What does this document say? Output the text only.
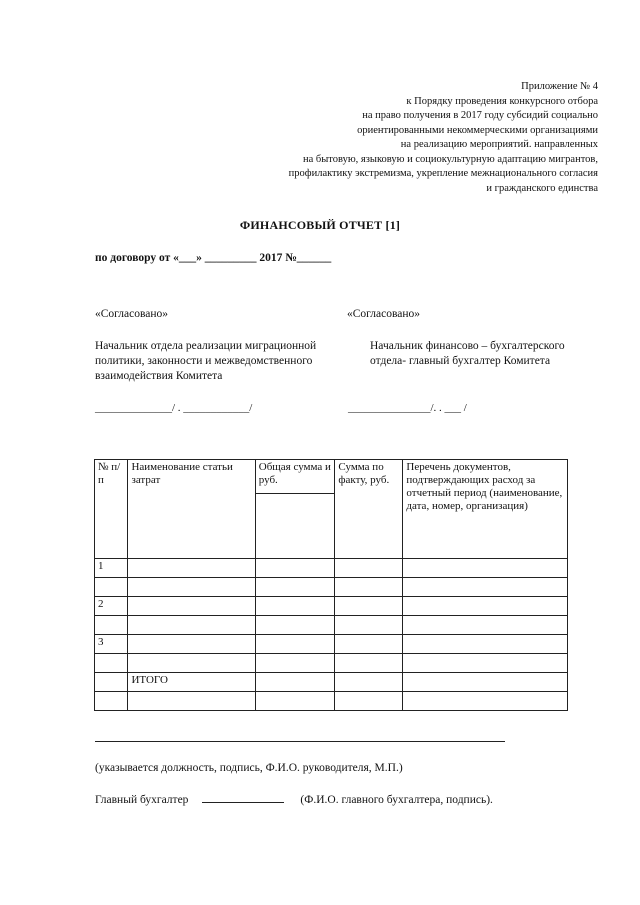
Приложение № 4
к Порядку проведения конкурсного отбора
на право получения в 2017 году субсидий социально
ориентированными некоммерческими организациями
на реализацию мероприятий. направленных
на бытовую, языковую и социокультурную адаптацию мигрантов,
профилактику экстремизма, укрепление межнационального согласия
и гражданского единства
ФИНАНСОВЫЙ ОТЧЕТ [1]
по договору от «___» _________ 2017 №______
«Согласовано»	«Согласовано»
Начальник отдела реализации миграционной политики, законности и межведомственного взаимодействия Комитета
Начальник финансово – бухгалтерского отдела- главный бухгалтер Комитета
______________/ . ____________/	_______________/. . ___ /
№ п/п	Наименование статьи затрат	Общая сумма и руб.	Сумма по факту, руб.	Перечень документов, подтверждающих расход за отчетный период (наименование, дата, номер, организация)
1				

2				

3				

	ИТОГО			

(указывается должность, подпись, Ф.И.О. руководителя, М.П.)
Главный бухгалтер	(Ф.И.О. главного бухгалтера, подпись).
